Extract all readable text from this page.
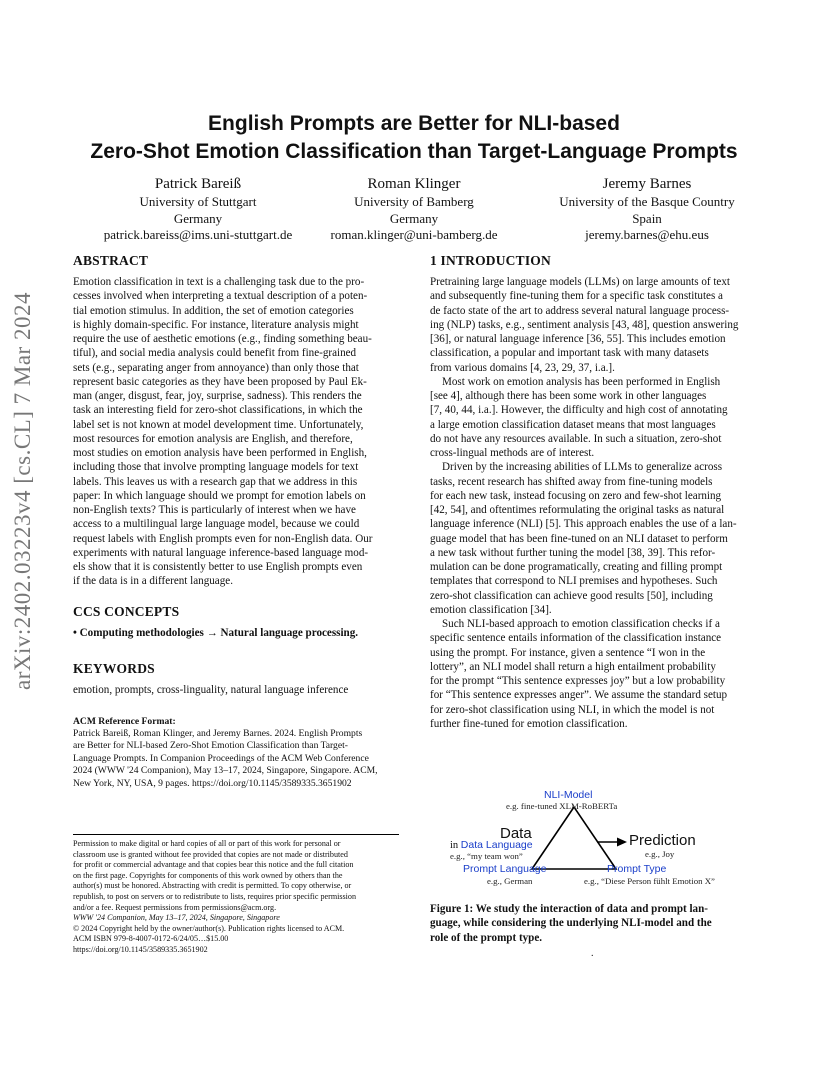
arXiv:2402.03223v4 [cs.CL] 7 Mar 2024
English Prompts are Better for NLI-based
Zero-Shot Emotion Classification than Target-Language Prompts
Patrick Bareiß
University of Stuttgart
Germany
patrick.bareiss@ims.uni-stuttgart.de
Roman Klinger
University of Bamberg
Germany
roman.klinger@uni-bamberg.de
Jeremy Barnes
University of the Basque Country
Spain
jeremy.barnes@ehu.eus
ABSTRACT
Emotion classification in text is a challenging task due to the pro-
cesses involved when interpreting a textual description of a poten-
tial emotion stimulus. In addition, the set of emotion categories
is highly domain-specific. For instance, literature analysis might
require the use of aesthetic emotions (e.g., finding something beau-
tiful), and social media analysis could benefit from fine-grained
sets (e.g., separating anger from annoyance) than only those that
represent basic categories as they have been proposed by Paul Ek-
man (anger, disgust, fear, joy, surprise, sadness). This renders the
task an interesting field for zero-shot classifications, in which the
label set is not known at model development time. Unfortunately,
most resources for emotion analysis are English, and therefore,
most studies on emotion analysis have been performed in English,
including those that involve prompting language models for text
labels. This leaves us with a research gap that we address in this
paper: In which language should we prompt for emotion labels on
non-English texts? This is particularly of interest when we have
access to a multilingual large language model, because we could
request labels with English prompts even for non-English data. Our
experiments with natural language inference-based language mod-
els show that it is consistently better to use English prompts even
if the data is in a different language.
CCS CONCEPTS
• Computing methodologies → Natural language processing.
KEYWORDS
emotion, prompts, cross-linguality, natural language inference
ACM Reference Format:
Patrick Bareiß, Roman Klinger, and Jeremy Barnes. 2024. English Prompts
are Better for NLI-based Zero-Shot Emotion Classification than Target-
Language Prompts. In Companion Proceedings of the ACM Web Conference
2024 (WWW '24 Companion), May 13–17, 2024, Singapore, Singapore. ACM,
New York, NY, USA, 9 pages. https://doi.org/10.1145/3589335.3651902
Permission to make digital or hard copies of all or part of this work for personal or
classroom use is granted without fee provided that copies are not made or distributed
for profit or commercial advantage and that copies bear this notice and the full citation
on the first page. Copyrights for components of this work owned by others than the
author(s) must be honored. Abstracting with credit is permitted. To copy otherwise, or
republish, to post on servers or to redistribute to lists, requires prior specific permission
and/or a fee. Request permissions from permissions@acm.org.
WWW '24 Companion, May 13–17, 2024, Singapore, Singapore
© 2024 Copyright held by the owner/author(s). Publication rights licensed to ACM.
ACM ISBN 979-8-4007-0172-6/24/05…$15.00
https://doi.org/10.1145/3589335.3651902
1 INTRODUCTION
Pretraining large language models (LLMs) on large amounts of text
and subsequently fine-tuning them for a specific task constitutes a
de facto state of the art to address several natural language process-
ing (NLP) tasks, e.g., sentiment analysis [43, 48], question answering
[36], or natural language inference [36, 55]. This includes emotion
classification, a popular and important task with many datasets
from various domains [4, 23, 29, 37, i.a.].
Most work on emotion analysis has been performed in English
[see 4], although there has been some work in other languages
[7, 40, 44, i.a.]. However, the difficulty and high cost of annotating
a large emotion classification dataset means that most languages
do not have any resources available. In such a situation, zero-shot
cross-lingual methods are of interest.
Driven by the increasing abilities of LLMs to generalize across
tasks, recent research has shifted away from fine-tuning models
for each new task, instead focusing on zero and few-shot learning
[42, 54], and oftentimes reformulating the original tasks as natural
language inference (NLI) [5]. This approach enables the use of a lan-
guage model that has been fine-tuned on an NLI dataset to perform
a new task without further tuning the model [38, 39]. This refor-
mulation can be done programatically, creating and filling prompt
templates that correspond to NLI premises and hypotheses. Such
zero-shot classification can achieve good results [50], including
emotion classification [34].
Such NLI-based approach to emotion classification checks if a
specific sentence entails information of the classification instance
using the prompt. For instance, given a sentence “I won in the
lottery”, an NLI model shall return a high entailment probability
for the prompt “This sentence expresses joy” but a low probability
for “This sentence expresses anger”. We assume the standard setup
for zero-shot classification using NLI, in which the model is not
further fine-tuned for emotion classification.
NLI-Model
e.g. fine-tuned XLM-RoBERTa
Data
in Data Language
e.g., “my team won”
Prediction
e.g., Joy
Prompt Language
e.g., German
Prompt Type
e.g., “Diese Person fühlt Emotion X”
Figure 1: We study the interaction of data and prompt lan-
guage, while considering the underlying NLI-model and the
role of the prompt type.
.
